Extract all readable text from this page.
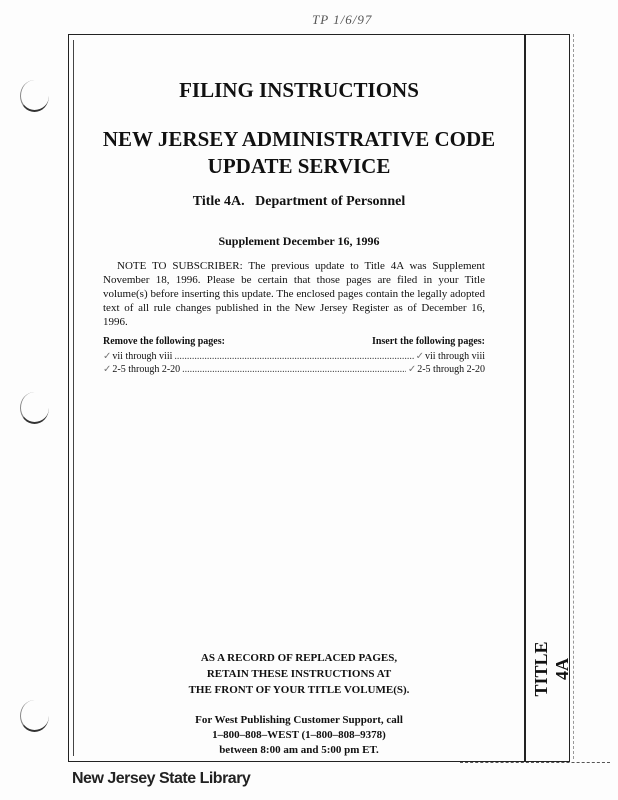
TP 1/6/97
FILING INSTRUCTIONS
NEW JERSEY ADMINISTRATIVE CODE
UPDATE SERVICE
Title 4A.   Department of Personnel
Supplement December 16, 1996
NOTE TO SUBSCRIBER: The previous update to Title 4A was Supplement November 18, 1996. Please be certain that those pages are filed in your Title volume(s) before inserting this update. The enclosed pages contain the legally adopted text of all rule changes published in the New Jersey Register as of December 16, 1996.
Remove the following pages:	Insert the following pages:
✓ vii through viii .....	✓ vii through viii
✓ 2-5 through 2-20 .....	✓ 2-5 through 2-20
AS A RECORD OF REPLACED PAGES,
RETAIN THESE INSTRUCTIONS AT
THE FRONT OF YOUR TITLE VOLUME(S).
For West Publishing Customer Support, call
1–800–808–WEST (1–800–808–9378)
between 8:00 am and 5:00 pm ET.
TITLE 4A
New Jersey State Library
